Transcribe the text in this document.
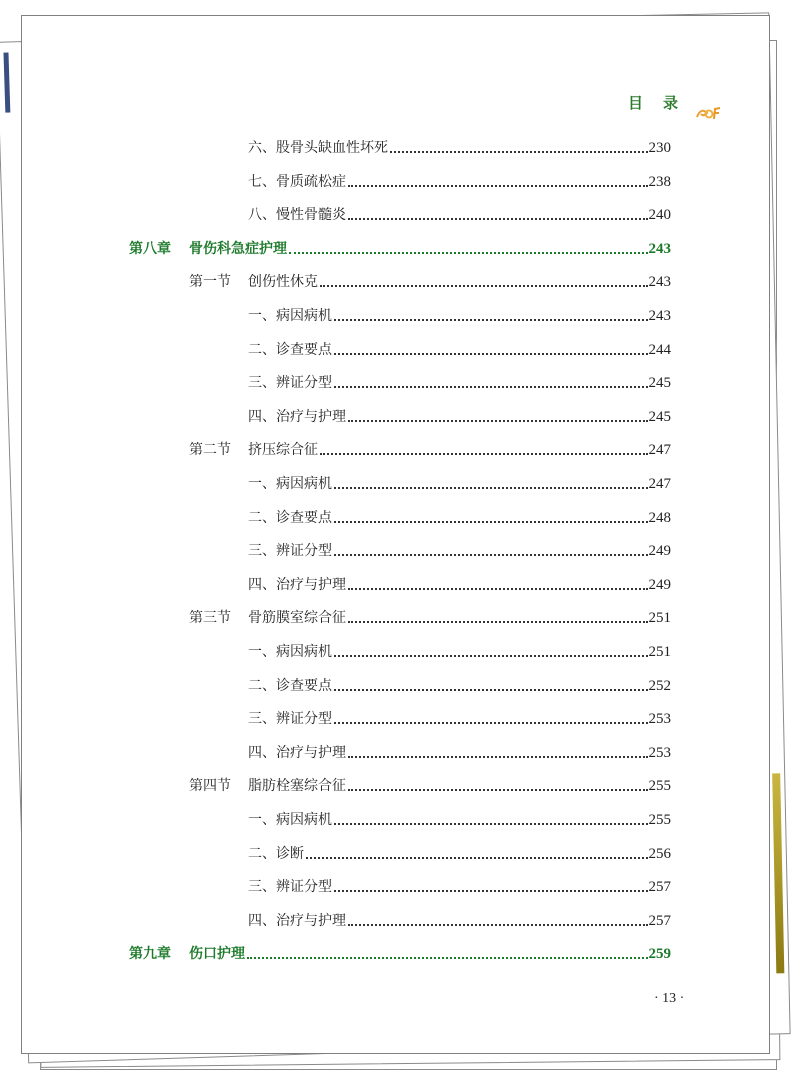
目 录
六、股骨头缺血性坏死	230
七、骨质疏松症	238
八、慢性骨髓炎	240
第八章	骨伤科急症护理	243
第一节	创伤性休克	243
一、病因病机	243
二、诊查要点	244
三、辨证分型	245
四、治疗与护理	245
第二节	挤压综合征	247
一、病因病机	247
二、诊查要点	248
三、辨证分型	249
四、治疗与护理	249
第三节	骨筋膜室综合征	251
一、病因病机	251
二、诊查要点	252
三、辨证分型	253
四、治疗与护理	253
第四节	脂肪栓塞综合征	255
一、病因病机	255
二、诊断	256
三、辨证分型	257
四、治疗与护理	257
第九章	伤口护理	259
· 13 ·
